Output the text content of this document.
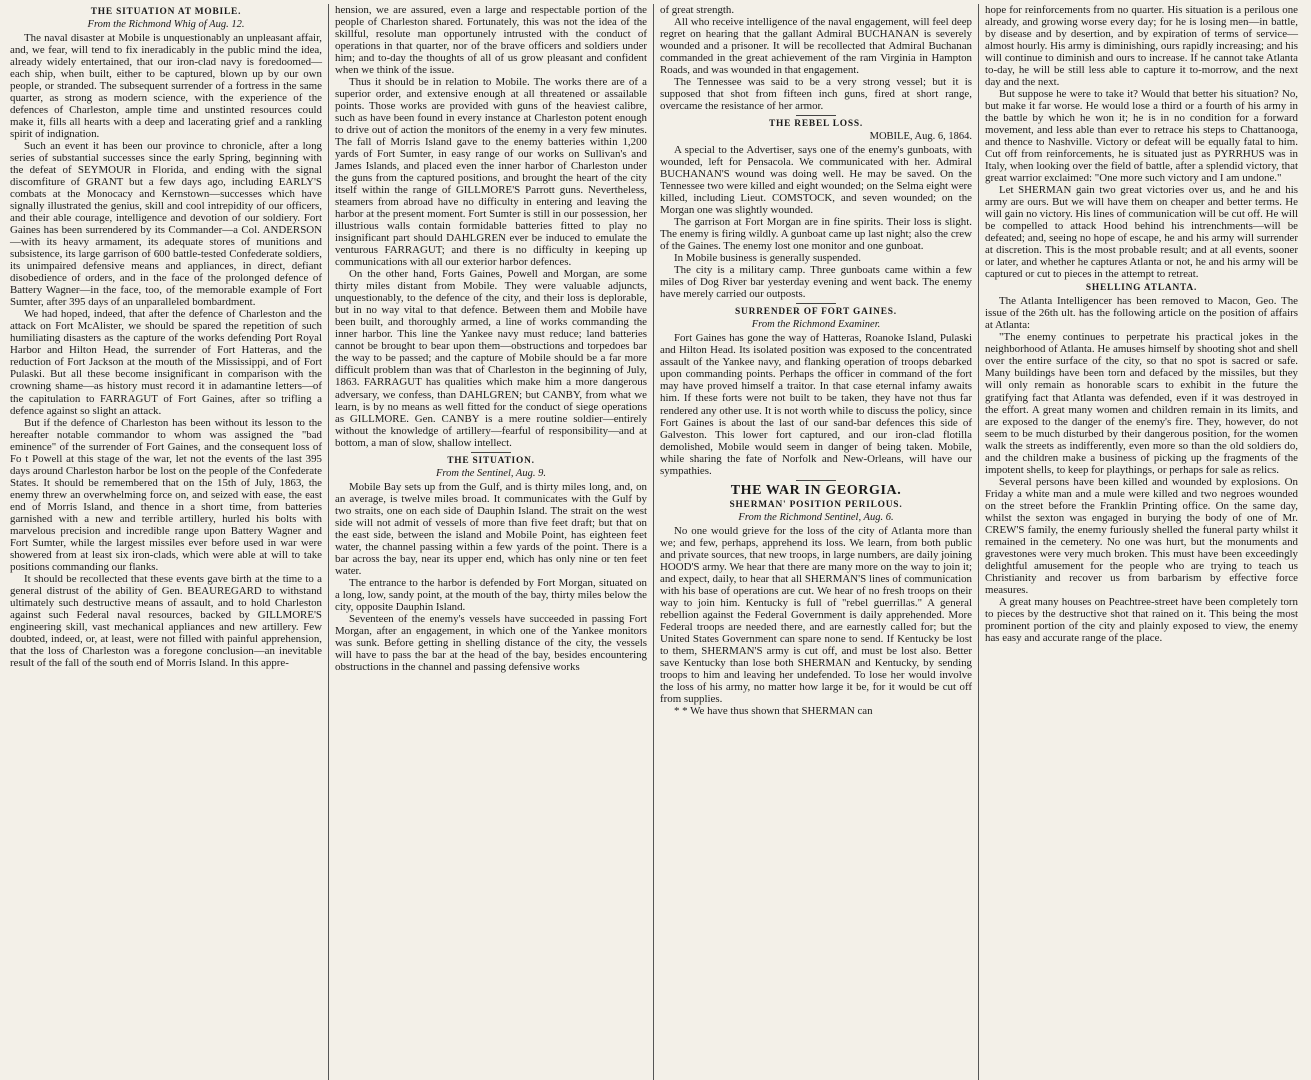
THE SITUATION AT MOBILE.
From the Richmond Whig of Aug. 12.

The naval disaster at Mobile is unquestionably an unpleasant affair, and, we fear, will tend to fix ineradicably in the public mind the idea, already widely entertained, that our iron-clad navy is foredoomed—each ship, when built, either to be captured, blown up by our own people, or stranded. The subsequent surrender of a fortress in the same quarter, as strong as modern science, with the experience of the defences of Charleston, ample time and unstinted resources could make it, fills all hearts with a deep and lacerating grief and a rankling spirit of indignation.

Such an event it has been our province to chronicle, after a long series of substantial successes since the early Spring, beginning with the defeat of SEYMOUR in Florida, and ending with the signal discomfiture of GRANT but a few days ago, including EARLY'S combats at the Monocacy and Kernstown—successes which have signally illustrated the genius, skill and cool intrepidity of our officers, and their able courage, intelligence and devotion of our soldiery. Fort Gaines has been surrendered by its Commander—a Col. ANDERSON—with its heavy armament, its adequate stores of munitions and subsistence, its large garrison of 600 battle-tested Confederate soldiers, its unimpaired defensive means and appliances, in direct, defiant disobedience of orders, and in the face of the prolonged defence of Battery Wagner—in the face, too, of the memorable example of Fort Sumter, after 395 days of an unparalleled bombardment.

We had hoped, indeed, that after the defence of Charleston and the attack on Fort McAlister, we should be spared the repetition of such humiliating disasters as the capture of the works defending Port Royal Harbor and Hilton Head, the surrender of Fort Hatteras, and the reduction of Fort Jackson at the mouth of the Mississippi, and of Fort Pulaski. But all these become insignificant in comparison with the crowning shame—as history must record it in adamantine letters—of the capitulation to FARRAGUT of Fort Gaines, after so trifling a defence against so slight an attack.

But if the defence of Charleston has been without its lesson to the hereafter notable commandor to whom was assigned the "bad eminence" of the surrender of Fort Gaines, and the consequent loss of Fo t Powell at this stage of the war, let not the events of the last 395 days around Charleston harbor be lost on the people of the Confederate States. It should be remembered that on the 15th of July, 1863, the enemy threw an overwhelming force on, and seized with ease, the east end of Morris Island, and thence in a short time, from batteries garnished with a new and terrible artillery, hurled his bolts with marvelous precision and incredible range upon Battery Wagner and Fort Sumter, while the largest missiles ever before used in war were showered from at least six iron-clads, which were able at will to take positions commanding our flanks.

It should be recollected that these events gave birth at the time to a general distrust of the ability of Gen. BEAUREGARD to withstand ultimately such destructive means of assault, and to hold Charleston against such Federal naval resources, backed by GILLMORE'S engineering skill, vast mechanical appliances and new artillery. Few doubted, indeed, or, at least, were not filled with painful apprehension, that the loss of Charleston was a foregone conclusion—an inevitable result of the fall of the south end of Morris Island. In this appre-

hension, we are assured, even a large and respectable portion of the people of Charleston shared. Fortunately, this was not the idea of the skillful, resolute man opportunely intrusted with the conduct of operations in that quarter, nor of the brave officers and soldiers under him; and to-day the thoughts of all of us grow pleasant and confident when we think of the issue.

Thus it should be in relation to Mobile. The works there are of a superior order, and extensive enough at all threatened or assailable points. Those works are provided with guns of the heaviest calibre, such as have been found in every instance at Charleston potent enough to drive out of action the monitors of the enemy in a very few minutes. The fall of Morris Island gave to the enemy batteries within 1,200 yards of Fort Sumter, in easy range of our works on Sullivan's and James Islands, and placed even the inner harbor of Charleston under the guns from the captured positions, and brought the heart of the city itself within the range of GILLMORE'S Parrott guns. Nevertheless, steamers from abroad have no difficulty in entering and leaving the harbor at the present moment. Fort Sumter is still in our possession, her illustrious walls contain formidable batteries fitted to play no insignificant part should DAHLGREN ever be induced to emulate the venturous FARRAGUT; and there is no difficulty in keeping up communications with all our exterior harbor defences.

On the other hand, Forts Gaines, Powell and Morgan, are some thirty miles distant from Mobile. They were valuable adjuncts, unquestionably, to the defence of the city, and their loss is deplorable, but in no way vital to that defence. Between them and Mobile have been built, and thoroughly armed, a line of works commanding the inner harbor. This line the Yankee navy must reduce; land batteries cannot be brought to bear upon them—obstructions and torpedoes bar the way to be passed; and the capture of Mobile should be a far more difficult problem than was that of Charleston in the beginning of July, 1863. FARRAGUT has qualities which make him a more dangerous adversary, we confess, than DAHLGREN; but CANBY, from what we learn, is by no means as well fitted for the conduct of siege operations as GILLMORE. Gen. CANBY is a mere routine soldier—entirely without the knowledge of artillery—fearful of responsibility—and at bottom, a man of slow, shallow intellect.

THE SITUATION.
From the Sentinel, Aug. 9.

Mobile Bay sets up from the Gulf, and is thirty miles long, and, on an average, is twelve miles broad. It communicates with the Gulf by two straits, one on each side of Dauphin Island. The strait on the west side will not admit of vessels of more than five feet draft; but that on the east side, between the island and Mobile Point, has eighteen feet water, the channel passing within a few yards of the point. There is a bar across the bay, near its upper end, which has only nine or ten feet water.

The entrance to the harbor is defended by Fort Morgan, situated on a long, low, sandy point, at the mouth of the bay, thirty miles below the city, opposite Dauphin Island.

Seventeen of the enemy's vessels have succeeded in passing Fort Morgan, after an engagement, in which one of the Yankee monitors was sunk. Before getting in shelling distance of the city, the vessels will have to pass the bar at the head of the bay, besides encountering obstructions in the channel and passing defensive works

of great strength.

All who receive intelligence of the naval engagement, will feel deep regret on hearing that the gallant Admiral BUCHANAN is severely wounded and a prisoner. It will be recollected that Admiral Buchanan commanded in the great achievement of the ram Virginia in Hampton Roads, and was wounded in that engagement.

The Tennessee was said to be a very strong vessel; but it is supposed that shot from fifteen inch guns, fired at short range, overcame the resistance of her armor.

THE REBEL LOSS.
MOBILE, Aug. 6, 1864.

A special to the Advertiser, says one of the enemy's gunboats, with wounded, left for Pensacola. We communicated with her. Admiral BUCHANAN'S wound was doing well. He may be saved. On the Tennessee two were killed and eight wounded; on the Selma eight were killed, including Lieut. COMSTOCK, and seven wounded; on the Morgan one was slightly wounded.

The garrison at Fort Morgan are in fine spirits. Their loss is slight. The enemy is firing wildly. A gunboat came up last night; also the crew of the Gaines. The enemy lost one monitor and one gunboat.

In Mobile business is generally suspended.

The city is a military camp. Three gunboats came within a few miles of Dog River bar yesterday evening and went back. The enemy have merely carried our outposts.

SURRENDER OF FORT GAINES.
From the Richmond Examiner.

Fort Gaines has gone the way of Hatteras, Roanoke Island, Pulaski and Hilton Head. Its isolated position was exposed to the concentrated assault of the Yankee navy, and flanking operation of troops debarked upon commanding points. Perhaps the officer in command of the fort may have proved himself a traitor. In that case eternal infamy awaits him. If these forts were not built to be taken, they have not thus far rendered any other use. It is not worth while to discuss the policy, since Fort Gaines is about the last of our sand-bar defences this side of Galveston. This lower fort captured, and our iron-clad flotilla demolished, Mobile would seem in danger of being taken. Mobile, while sharing the fate of Norfolk and New-Orleans, will have our sympathies.

THE WAR IN GEORGIA.
SHERMAN' POSITION PERILOUS.
From the Richmond Sentinel, Aug. 6.

No one would grieve for the loss of the city of Atlanta more than we; and few, perhaps, apprehend its loss. We learn, from both public and private sources, that new troops, in large numbers, are daily joining HOOD'S army. We hear that there are many more on the way to join it; and expect, daily, to hear that all SHERMAN'S lines of communication with his base of operations are cut. We hear of no fresh troops on their way to join him. Kentucky is full of "rebel guerrillas." A general rebellion against the Federal Government is daily apprehended. More Federal troops are needed there, and are earnestly called for; but the United States Government can spare none to send. If Kentucky be lost to them, SHERMAN'S army is cut off, and must be lost also. Better save Kentucky than lose both SHERMAN and Kentucky, by sending troops to him and leaving her undefended. To lose her would involve the loss of his army, no matter how large it be, for it would be cut off from supplies.

* * We have thus shown that SHERMAN can

hope for reinforcements from no quarter. His situation is a perilous one already, and growing worse every day; for he is losing men—in battle, by disease and by desertion, and by expiration of terms of service—almost hourly. His army is diminishing, ours rapidly increasing; and his will continue to diminish and ours to increase. If he cannot take Atlanta to-day, he will be still less able to capture it to-morrow, and the next day and the next.

But suppose he were to take it? Would that better his situation? No, but make it far worse. He would lose a third or a fourth of his army in the battle by which he won it; he is in no condition for a forward movement, and less able than ever to retrace his steps to Chattanooga, and thence to Nashville. Victory or defeat will be equally fatal to him. Cut off from reinforcements, he is situated just as PYRRHUS was in Italy, when looking over the field of battle, after a splendid victory, that great warrior exclaimed: "One more such victory and I am undone."

Let SHERMAN gain two great victories over us, and he and his army are ours. But we will have them on cheaper and better terms. He will gain no victory. His lines of communication will be cut off. He will be compelled to attack Hood behind his intrenchments—will be defeated; and, seeing no hope of escape, he and his army will surrender at discretion. This is the most probable result; and at all events, sooner or later, and whether he captures Atlanta or not, he and his army will be captured or cut to pieces in the attempt to retreat.

SHELLING ATLANTA.

The Atlanta Intelligencer has been removed to Macon, Geo. The issue of the 26th ult. has the following article on the position of affairs at Atlanta:

"The enemy continues to perpetrate his practical jokes in the neighborhood of Atlanta. He amuses himself by shooting shot and shell over the entire surface of the city, so that no spot is sacred or safe. Many buildings have been torn and defaced by the missiles, but they will only remain as honorable scars to exhibit in the future the gratifying fact that Atlanta was defended, even if it was destroyed in the effort. A great many women and children remain in its limits, and are exposed to the danger of the enemy's fire. They, however, do not seem to be much disturbed by their dangerous position, for the women walk the streets as indifferently, even more so than the old soldiers do, and the children make a business of picking up the fragments of the impotent shells, to keep for playthings, or perhaps for sale as relics.

Several persons have been killed and wounded by explosions. On Friday a white man and a mule were killed and two negroes wounded on the street before the Franklin Printing office. On the same day, whilst the sexton was engaged in burying the body of one of Mr. CREW'S family, the enemy furiously shelled the funeral party whilst it remained in the cemetery. No one was hurt, but the monuments and gravestones were very much broken. This must have been exceedingly delightful amusement for the people who are trying to teach us Christianity and recover us from barbarism by effective force measures.

A great many houses on Peachtree-street have been completely torn to pieces by the destructive shot that rained on it. This being the most prominent portion of the city and plainly exposed to view, the enemy has easy and accurate range of the place.
